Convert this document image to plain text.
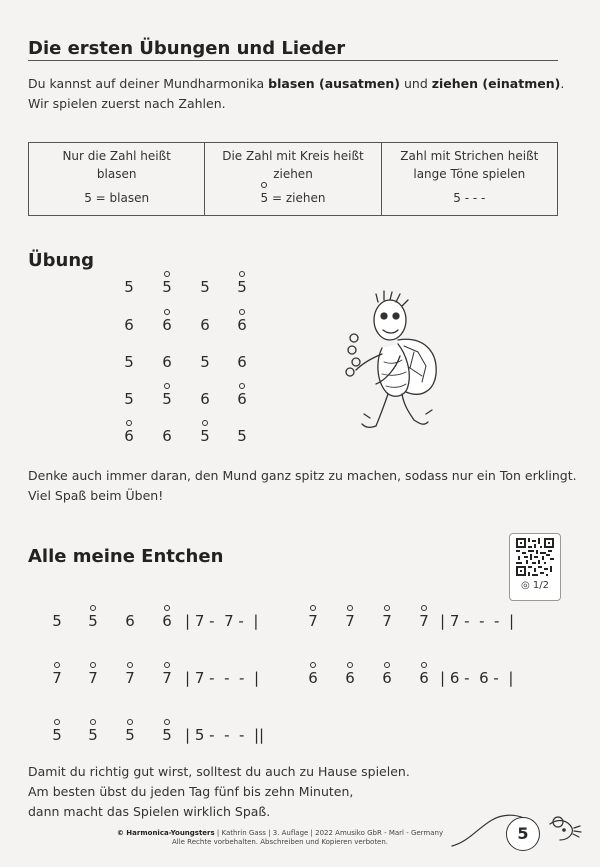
Die ersten Übungen und Lieder
Du kannst auf deiner Mundharmonika blasen (ausatmen) und ziehen (einatmen).
Wir spielen zuerst nach Zahlen.
Nur die Zahl heißt
blasen
5 = blasen

Die Zahl mit Kreis heißt
ziehen
5 = ziehen

Zahl mit Strichen heißt
lange Töne spielen
5 - - -
Übung
5 5 5 5
6 6 6 6
5 6 5 6
5 5 6 6
6 6 5 5
Denke auch immer daran, den Mund ganz spitz zu machen, sodass nur ein Ton erklingt.
Viel Spaß beim Üben!
Alle meine Entchen
◎ 1/2
5 5 6 6 | 7 -  7 -  |	7 7 7 7 | 7 -  -  -  |
7 7 7 7 | 7 -  -  -  |	6 6 6 6 | 6 -  6 -  |
5 5 5 5 | 5 -  -  -  ||
Damit du richtig gut wirst, solltest du auch zu Hause spielen.
Am besten übst du jeden Tag fünf bis zehn Minuten,
dann macht das Spielen wirklich Spaß.
5
© Harmonica-Youngsters | Kathrin Gass | 3. Auflage | 2022 Amusiko GbR - Marl - Germany
Alle Rechte vorbehalten. Abschreiben und Kopieren verboten.
